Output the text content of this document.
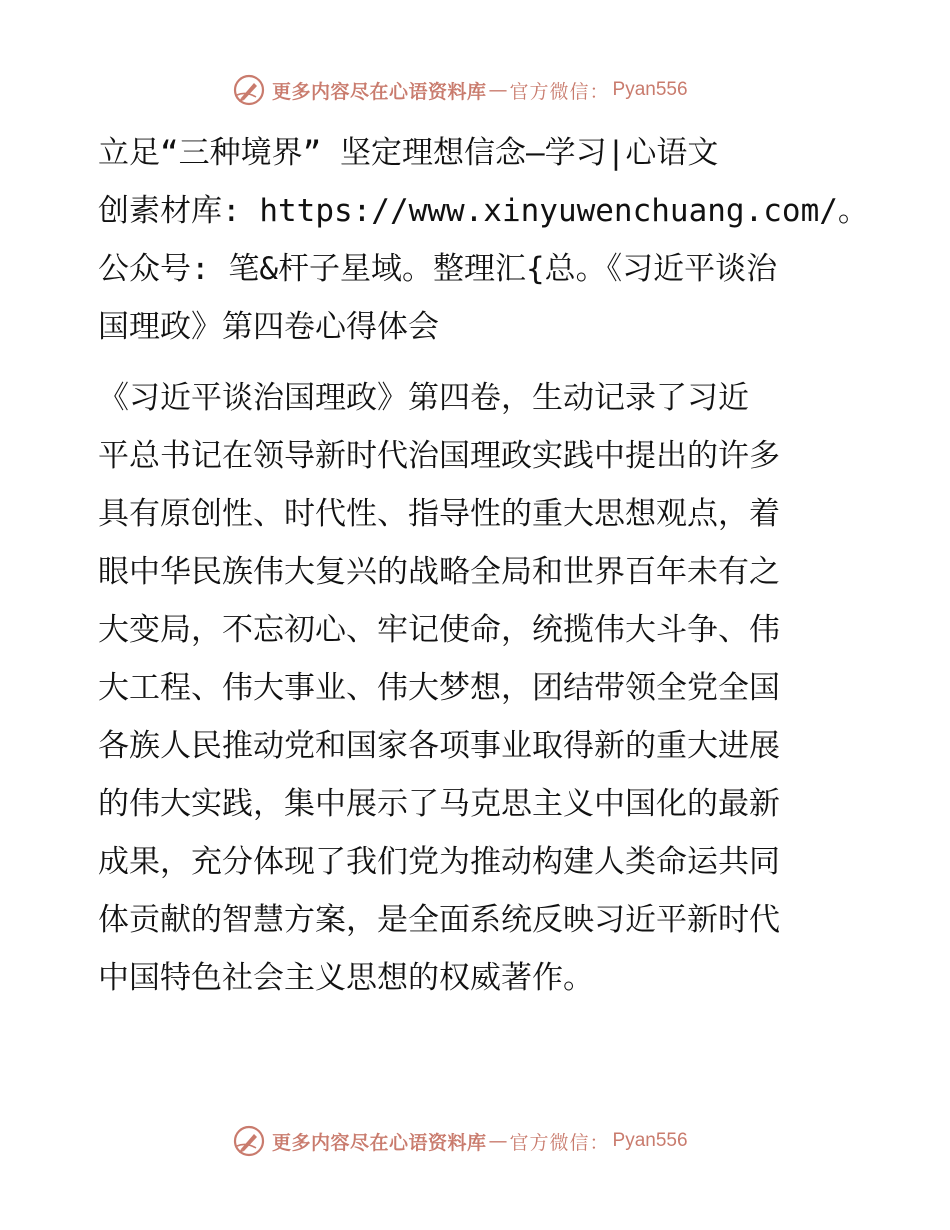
更多内容尽在心语资料库 — 官方微信： Pyan556
立足“三种境界” 坚定理想信念—学习|心语文
创素材库: https://www.xinyuwenchuang.com/。
公众号: 笔&杆子星域。整理汇{总。《习近平谈治
国理政》第四卷心得体会
《习近平谈治国理政》第四卷，生动记录了习近
平总书记在领导新时代治国理政实践中提出的许多
具有原创性、时代性、指导性的重大思想观点，着
眼中华民族伟大复兴的战略全局和世界百年未有之
大变局，不忘初心、牢记使命，统揽伟大斗争、伟
大工程、伟大事业、伟大梦想，团结带领全党全国
各族人民推动党和国家各项事业取得新的重大进展
的伟大实践，集中展示了马克思主义中国化的最新
成果，充分体现了我们党为推动构建人类命运共同
体贡献的智慧方案，是全面系统反映习近平新时代
中国特色社会主义思想的权威著作。
更多内容尽在心语资料库 — 官方微信： Pyan556
